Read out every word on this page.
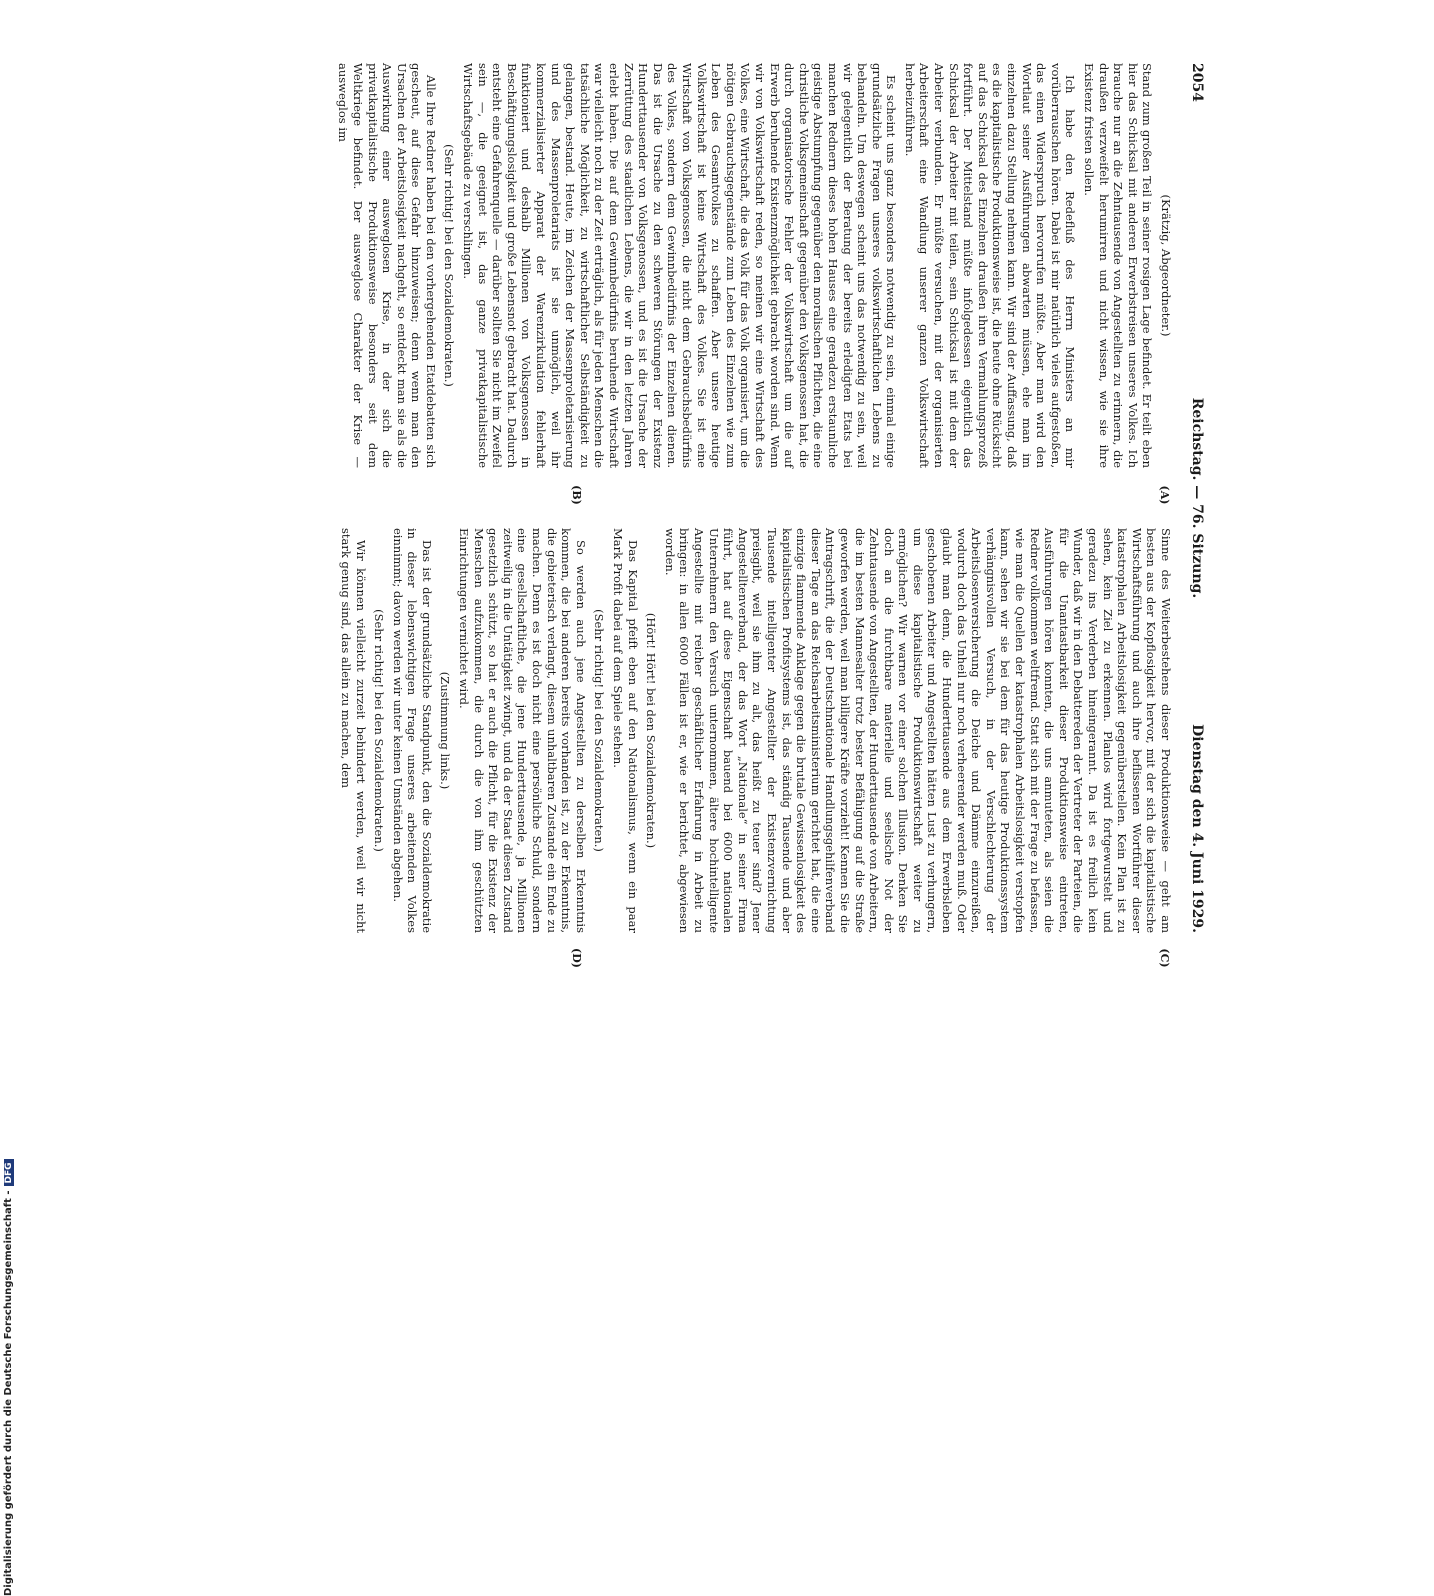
2054
Reichstag. — 76. Sitzung.
Dienstag den 4. Juni 1929.
(A)
(B)
(C)
(D)

(Krätzig, Abgeordneter.)

Stand zum großen Teil in seiner rosigen Lage befindet. Er teilt eben hier das Schicksal mit anderen Erwerbstreisen unseres Volkes. Ich brauche nur an die Zehntausende von Angestellten zu erinnern, die draußen verzweifelt herumirren und nicht wissen, wie sie ihre Existenz fristen sollen.

Ich habe den Redefluß des Herrn Ministers an mir vorüberrauschen hören. Dabei ist mir natürlich vieles aufgestoßen, das einen Widerspruch hervorrufen müßte. Aber man wird den Wortlaut seiner Ausführungen abwarten müssen, ehe man im einzelnen dazu Stellung nehmen kann. Wir sind der Auffassung, daß es die kapitalistische Produktionsweise ist, die heute ohne Rücksicht auf das Schicksal des Einzelnen draußen ihren Vermahlungsprozeß fortführt. Der Mittelstand müßte infolgedessen eigentlich das Schicksal der Arbeiter mit teilen, sein Schicksal ist mit dem der Arbeiter verbunden. Er müßte versuchen, mit der organisierten Arbeiterschaft eine Wandlung unserer ganzen Volkswirtschaft herbeizuführen.

Es scheint uns ganz besonders notwendig zu sein, einmal einige grundsätzliche Fragen unseres volkswirtschaftlichen Lebens zu behandeln. Um deswegen scheint uns das notwendig zu sein, weil wir gelegentlich der Beratung der bereits erledigten Etats bei manchen Rednern dieses hohen Hauses eine geradezu erstaunliche geistige Abstumpfung gegenüber den moralischen Pflichten, die eine christliche Volksgemeinschaft gegenüber den Volksgenossen hat, die durch organisatorische Fehler der Volkswirtschaft um die auf Erwerb beruhende Existenzmöglichkeit gebracht worden sind. Wenn wir von Volkswirtschaft reden, so meinen wir eine Wirtschaft des Volkes, eine Wirtschaft, die das Volk für das Volk organisiert, um die nötigen Gebrauchsgegenstände zum Leben des Einzelnen wie zum Leben des Gesamtvolkes zu schaffen. Aber unsere heutige Volkswirtschaft ist keine Wirtschaft des Volkes. Sie ist eine Wirtschaft von Volksgenossen, die nicht dem Gebrauchsbedürfnis des Volkes, sondern dem Gewinnbedürfnis der Einzelnen dienen. Das ist die Ursache zu den schweren Störungen der Existenz Hunderttausender von Volksgenossen, und es ist die Ursache der Zerrüttung des staatlichen Lebens, die wir in den letzten Jahren erlebt haben. Die auf dem Gewinnbedürfnis beruhende Wirtschaft war vielleicht noch zu der Zeit erträglich, als für jeden Menschen die tatsächliche Möglichkeit, zu wirtschaftlicher Selbständigkeit zu gelangen, bestand. Heute, im Zeichen der Massenproletarisierung und des Massenproletariats ist sie unmöglich, weil ihr kommerzialisierter Apparat der Warenzirkulation fehlerhaft funktioniert und deshalb Millionen von Volksgenossen in Beschäftigungslosigkeit und große Lebensnot gebracht hat. Dadurch entsteht eine Gefahrenquelle — darüber sollten Sie nicht im Zweifel sein —, die geeignet ist, das ganze privatkapitalistische Wirtschaftsgebäude zu verschlingen.

(Sehr richtig! bei den Sozialdemokraten.)

Alle Ihre Redner haben bei den vorhergehenden Etatdebatten sich gescheut, auf diese Gefahr hinzuweisen; denn wenn man den Ursachen der Arbeitslosigkeit nachgeht, so entdeckt man sie als die Auswirkung einer ausweglosen Krise, in der sich die privatkapitalistische Produktionsweise besonders seit dem Weltkriege befindet. Der ausweglose Charakter der Krise — ausweglos im

Sinne des Weiterbestehens dieser Produktionsweise — geht am besten aus der Kopflosigkeit hervor, mit der sich die kapitalistische Wirtschaftsführung und auch ihre beflissenen Wortführer dieser katastrophalen Arbeitslosigkeit gegenüberstellen. Kein Plan ist zu sehen, kein Ziel zu erkennen. Planlos wird fortgewurstelt und geradezu ins Verderben hineingerannt. Da ist es freilich kein Wunder, daß wir in den Debattereden der Vertreter der Parteien, die für die Unantastbarkeit dieser Produktionsweise eintreten, Ausführungen hören konnten, die uns anmuteten, als seien die Redner vollkommen weltfremd. Statt sich mit der Frage zu befassen, wie man die Quellen der katastrophalen Arbeitslosigkeit verstopfen kann, sehen wir sie bei dem für das heutige Produktionssystem verhängnisvollen Versuch, in der Verschlechterung der Arbeitslosenversicherung die Deiche und Dämme einzureißen, wodurch doch das Unheil nur noch verheerender werden muß. Oder glaubt man denn, die Hunderttausende aus dem Erwerbsleben geschobenen Arbeiter und Angestellten hätten Lust zu verhungern, um diese kapitalistische Produktionswirtschaft weiter zu ermöglichen? Wir warnen vor einer solchen Illusion. Denken Sie doch an die furchtbare materielle und seelische Not der Zehntausende von Angestellten, der Hunderttausende von Arbeitern, die im besten Mannesalter trotz bester Befähigung auf die Straße geworfen werden, weil man billigere Kräfte vorzieht! Kennen Sie die Antragschrift, die der Deutschnationale Handlungsgehilfenverband dieser Tage an das Reichsarbeitsministerium gerichtet hat, die eine einzige flammende Anklage gegen die brutale Gewissenlosigkeit des kapitalistischen Profitsystems ist, das ständig Tausende und aber Tausende intelligenter Angestellter der Existenzvernichtung preisgibt, weil sie ihm zu alt, das heißt zu teuer sind? Jener Angestelltenverband, der das Wort „Nationale“ in seiner Firma führt, hat auf diese Eigenschaft bauend bei 6000 nationalen Unternehmern den Versuch unternommen, ältere hochintelligente Angestellte mit reicher geschäftlicher Erfahrung in Arbeit zu bringen: in allen 6000 Fällen ist er, wie er berichtet, abgewiesen worden.

(Hört! Hört! bei den Sozialdemokraten.)

Das Kapital pfeift eben auf den Nationalismus, wenn ein paar Mark Profit dabei auf dem Spiele stehen.

(Sehr richtig! bei den Sozialdemokraten.)

So werden auch jene Angestellten zu derselben Erkenntnis kommen, die bei anderen bereits vorhanden ist, zu der Erkenntnis, die gebieterisch verlangt, diesem unhaltbaren Zustande ein Ende zu machen. Denn es ist doch nicht eine persönliche Schuld, sondern eine gesellschaftliche, die jene Hunderttausende, ja Millionen zeitweilig in die Untätigkeit zwingt, und da der Staat diesen Zustand gesetzlich schützt, so hat er auch die Pflicht, für die Existenz der Menschen aufzukommen, die durch die von ihm geschützten Einrichtungen vernichtet wird.

(Zustimmung links.)

Das ist der grundsätzliche Standpunkt, den die Sozialdemokratie in dieser lebenswichtigen Frage unseres arbeitenden Volkes einnimmt; davon werden wir unter keinen Umständen abgehen.

(Sehr richtig! bei den Sozialdemokraten.)

Wir können vielleicht zurzeit behindert werden, weil wir nicht stark genug sind, das allein zu machen, dem

Digitalisierung gefördert durch die Deutsche Forschungsgemeinschaft -DFG
